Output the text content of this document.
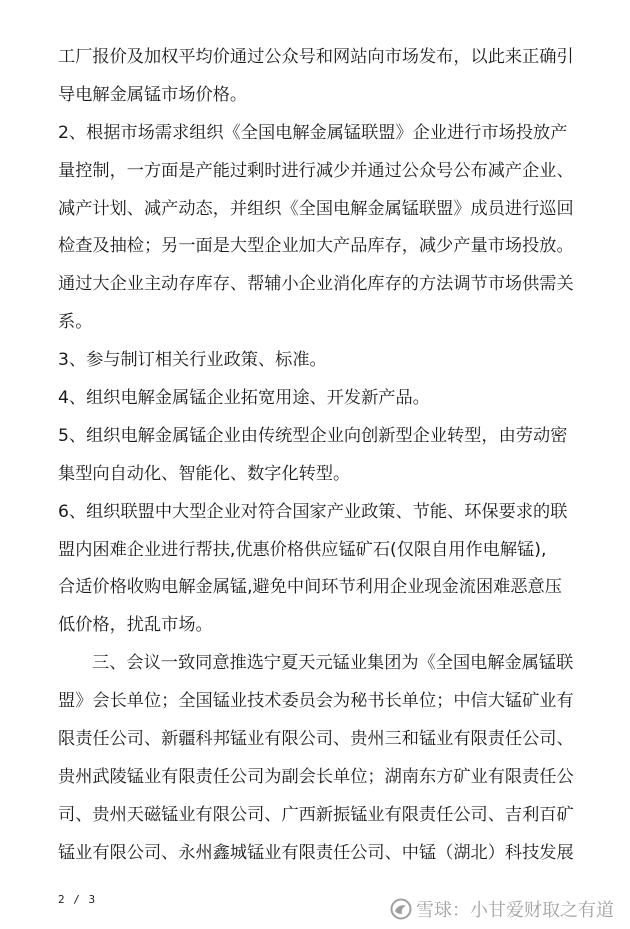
工厂报价及加权平均价通过公众号和网站向市场发布，以此来正确引
导电解金属锰市场价格。
2、根据市场需求组织《全国电解金属锰联盟》企业进行市场投放产
量控制，一方面是产能过剩时进行减少并通过公众号公布减产企业、
减产计划、减产动态，并组织《全国电解金属锰联盟》成员进行巡回
检查及抽检；另一面是大型企业加大产品库存，减少产量市场投放。
通过大企业主动存库存、帮辅小企业消化库存的方法调节市场供需关
系。
3、参与制订相关行业政策、标准。
4、组织电解金属锰企业拓宽用途、开发新产品。
5、组织电解金属锰企业由传统型企业向创新型企业转型，由劳动密
集型向自动化、智能化、数字化转型。
6、组织联盟中大型企业对符合国家产业政策、节能、环保要求的联
盟内困难企业进行帮扶,优惠价格供应锰矿石(仅限自用作电解锰),
合适价格收购电解金属锰,避免中间环节利用企业现金流困难恶意压
低价格，扰乱市场。
三、会议一致同意推选宁夏天元锰业集团为《全国电解金属锰联
盟》会长单位；全国锰业技术委员会为秘书长单位；中信大锰矿业有
限责任公司、新疆科邦锰业有限公司、贵州三和锰业有限责任公司、
贵州武陵锰业有限责任公司为副会长单位；湖南东方矿业有限责任公
司、贵州天磁锰业有限公司、广西新振锰业有限责任公司、吉利百矿
锰业有限公司、永州鑫城锰业有限责任公司、中锰（湖北）科技发展
2 / 3
雪球：小甘爱财取之有道
